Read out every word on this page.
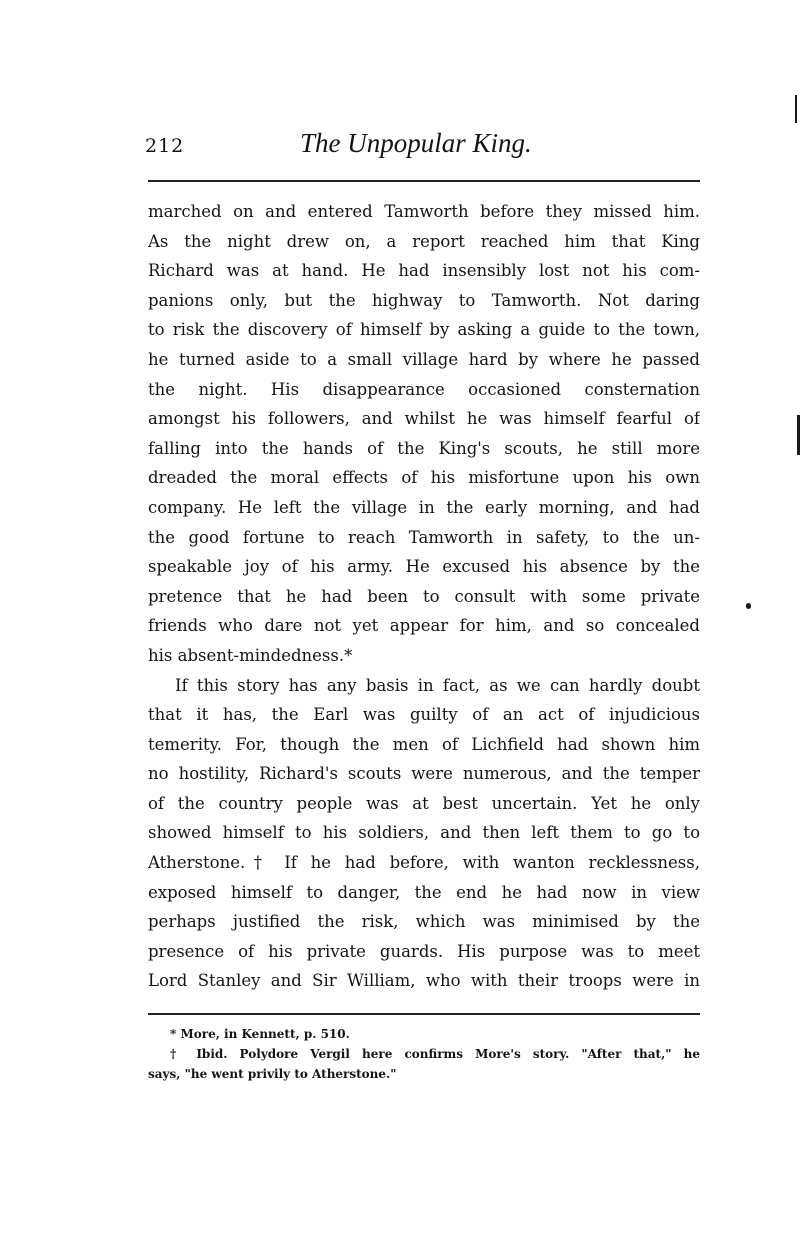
212	The Unpopular King.
marched on and entered Tamworth before they missed him.
As the night drew on, a report reached him that King
Richard was at hand. He had insensibly lost not his com-
panions only, but the highway to Tamworth. Not daring
to risk the discovery of himself by asking a guide to the town,
he turned aside to a small village hard by where he passed
the night. His disappearance occasioned consternation
amongst his followers, and whilst he was himself fearful of
falling into the hands of the King's scouts, he still more
dreaded the moral effects of his misfortune upon his own
company. He left the village in the early morning, and had
the good fortune to reach Tamworth in safety, to the un-
speakable joy of his army. He excused his absence by the
pretence that he had been to consult with some private
friends who dare not yet appear for him, and so concealed
his absent-mindedness.*
If this story has any basis in fact, as we can hardly doubt
that it has, the Earl was guilty of an act of injudicious
temerity. For, though the men of Lichfield had shown him
no hostility, Richard's scouts were numerous, and the temper
of the country people was at best uncertain. Yet he only
showed himself to his soldiers, and then left them to go to
Atherstone.† If he had before, with wanton recklessness,
exposed himself to danger, the end he had now in view
perhaps justified the risk, which was minimised by the
presence of his private guards. His purpose was to meet
Lord Stanley and Sir William, who with their troops were in
* More, in Kennett, p. 510.
† Ibid. Polydore Vergil here confirms More's story. "After that," he
says, "he went privily to Atherstone."
